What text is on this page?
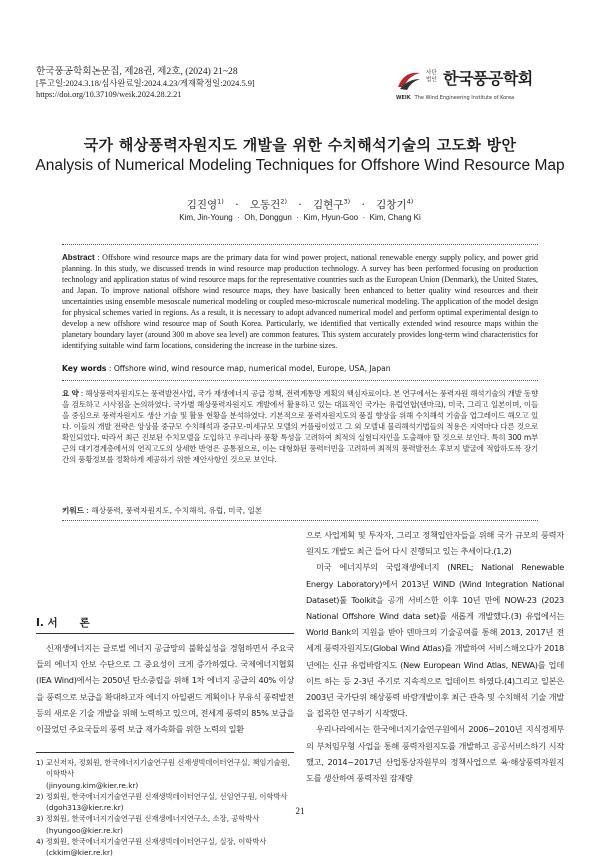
한국풍공학회논문집, 제28권, 제2호, (2024) 21~28
[투고일:2024.3.18/심사완료일:2024.4.23/게재확정일:2024.5.9]
https://doi.org/10.37109/weik.2024.28.2.21
사단 법인 한국풍공학회
WEIK The Wind Engineering Institute of Korea
국가 해상풍력자원지도 개발을 위한 수치해석기술의 고도화 방안
Analysis of Numerical Modeling Techniques for Offshore Wind Resource Map
김진영$^{1)}$ · 오동건$^{2)}$ · 김현구$^{3)}$ · 김창기$^{4)}$
Kim, Jin-Young  ·  Oh, Donggun  ·  Kim, Hyun-Goo  ·  Kim, Chang Ki
Abstract : Offshore wind resource maps are the primary data for wind power project, national renewable energy supply policy, and power grid planning. In this study, we discussed trends in wind resource map production technology. A survey has been performed focusing on production technology and application status of wind resource maps for the representative countries such as the European Union (Denmark), the United States, and Japan. To improve national offshore wind resource maps, they have basically been enhanced to better quality wind resources and their uncertainties using ensemble mesoscale numerical modeling or coupled meso-microscale numerical modeling. The application of the model design for physical schemes varied in regions. As a result, it is necessary to adopt advanced numerical model and perform optimal experimental design to develop a new offshore wind resource map of South Korea. Particularly, we identified that vertically extended wind resource maps within the planetary boundary layer (around 300 m above sea level) are common features. This system accurately provides long-term wind characteristics for identifying suitable wind farm locations, considering the increase in the turbine sizes.
Key words : Offshore wind, wind resource map, numerical model, Europe, USA, Japan
요 약 : 해상풍력자원지도는 풍력발전사업, 국가 재생에너지 공급 정책, 전력계통망 계획의 핵심자료이다. 본 연구에서는 풍력자원 해석기술의 개발 동향을 검토하고 시사점을 논의하였다. 국가별 해상풍력자원지도 개발에서 활용하고 있는 대표적인 국가는 유럽연합(덴마크), 미국, 그리고 일본이며, 이들을 중심으로 풍력자원지도 생산 기술 및 활용 현황을 분석하였다. 기본적으로 풍력자원지도의 품질 향상을 위해 수치해석 기술을 업그레이드 해오고 있다. 이들의 개발 전략은 앙상블 중규모 수치해석과 중규모-미세규모 모델의 커플링이었고 그 외 모델내 물리해석기법들의 적용은 지역마다 다른 것으로 확인되었다. 따라서 최근 진보된 수치모델을 도입하고 우리나라 풍황 특성을 고려하여 최적의 실험디자인을 도출해야 할 것으로 보인다. 특히 300 m부근의 대기경계층에서의 연직고도의 상세한 반영은 공통점으로, 이는 대형화된 풍력터빈을 고려하여 최적의 풍력발전소 후보지 발굴에 적합하도록 장기간의 풍황정보를 정확하게 제공하기 위한 제안사항인 것으로 보인다.
키워드 : 해상풍력, 풍력자원지도, 수치해석, 유럽, 미국, 일본
I. 서      론

신재생에너지는 글로벌 에너지 공급망의 불확실성을 경험하면서 주요국들의 에너지 안보 수단으로 그 중요성이 크게 증가하였다. 국제에너지협회 (IEA Wind)에서는 2050년 탄소중립을 위해 1차 에너지 공급의 40% 이상을 풍력으로 보급을 확대하고자 에너지 아일랜드 계획이나 부유식 풍력발전 등의 새로운 기술 개발을 위해 노력하고 있으며, 전세계 풍력의 85% 보급을 이끌었던 주요국들의 풍력 보급 재가속화를 위한 노력의 일환

1) 교신저자, 정회원, 한국에너지기술연구원 신재생빅데이터연구실, 책임기술원, 이학박사
(jinyoung.kim@kier.re.kr)
2) 정회원, 한국에너지기술연구원 신재생빅데이터연구실, 선임연구원, 이학박사
(dgoh313@kier.re.kr)
3) 정회원, 한국에너지기술연구원 신재생에너지연구소, 소장, 공학박사
(hyungoo@kier.re.kr)
4) 정회원, 한국에너지기술연구원 신재생빅데이터연구실, 실장, 이학박사
(ckkim@kier.re.kr)

으로 사업계획 및 투자자, 그리고 정책입안자들을 위해 국가 규모의 풍력자원지도 개발도 최근 들어 다시 진행되고 있는 추세이다.(1,2)

미국 에너지부의 국립재생에너지 (NREL; National Renewable Energy Laboratory)에서 2013년 WIND (Wind Integration National Dataset)툴 Toolkit을 공개 서비스한 이후 10년 만에 NOW-23 (2023 National Offshore Wind data set)를 새롭게 개발했다.(3) 유럽에서는 World Bank의 지원을 받아 덴마크의 기술공여를 통해 2013, 2017년 전세계 풍력자원지도(Global Wind Atlas)를 개발하여 서비스해오다가 2018년에는 신규 유럽바람지도 (New European Wind Atlas, NEWA)를 업데이트 하는 등 2-3년 주기로 지속적으로 업데이트 하였다.(4)그리고 일본은 2003년 국가단위 해상풍력 바람개발이후 최근 관측 및 수치해석 기술 개발을 접목한 연구하기 시작했다.

우리나라에서는 한국에너지기술연구원에서 2006~2010년 지식경제부의 부처임무형 사업을 통해 풍력자원지도를 개발하고 공공서비스하기 시작했고, 2014~2017년 산업통상자원부의 정책사업으로 육·해상풍력자원지도를 생산하여 풍력자원 잠재량

21
